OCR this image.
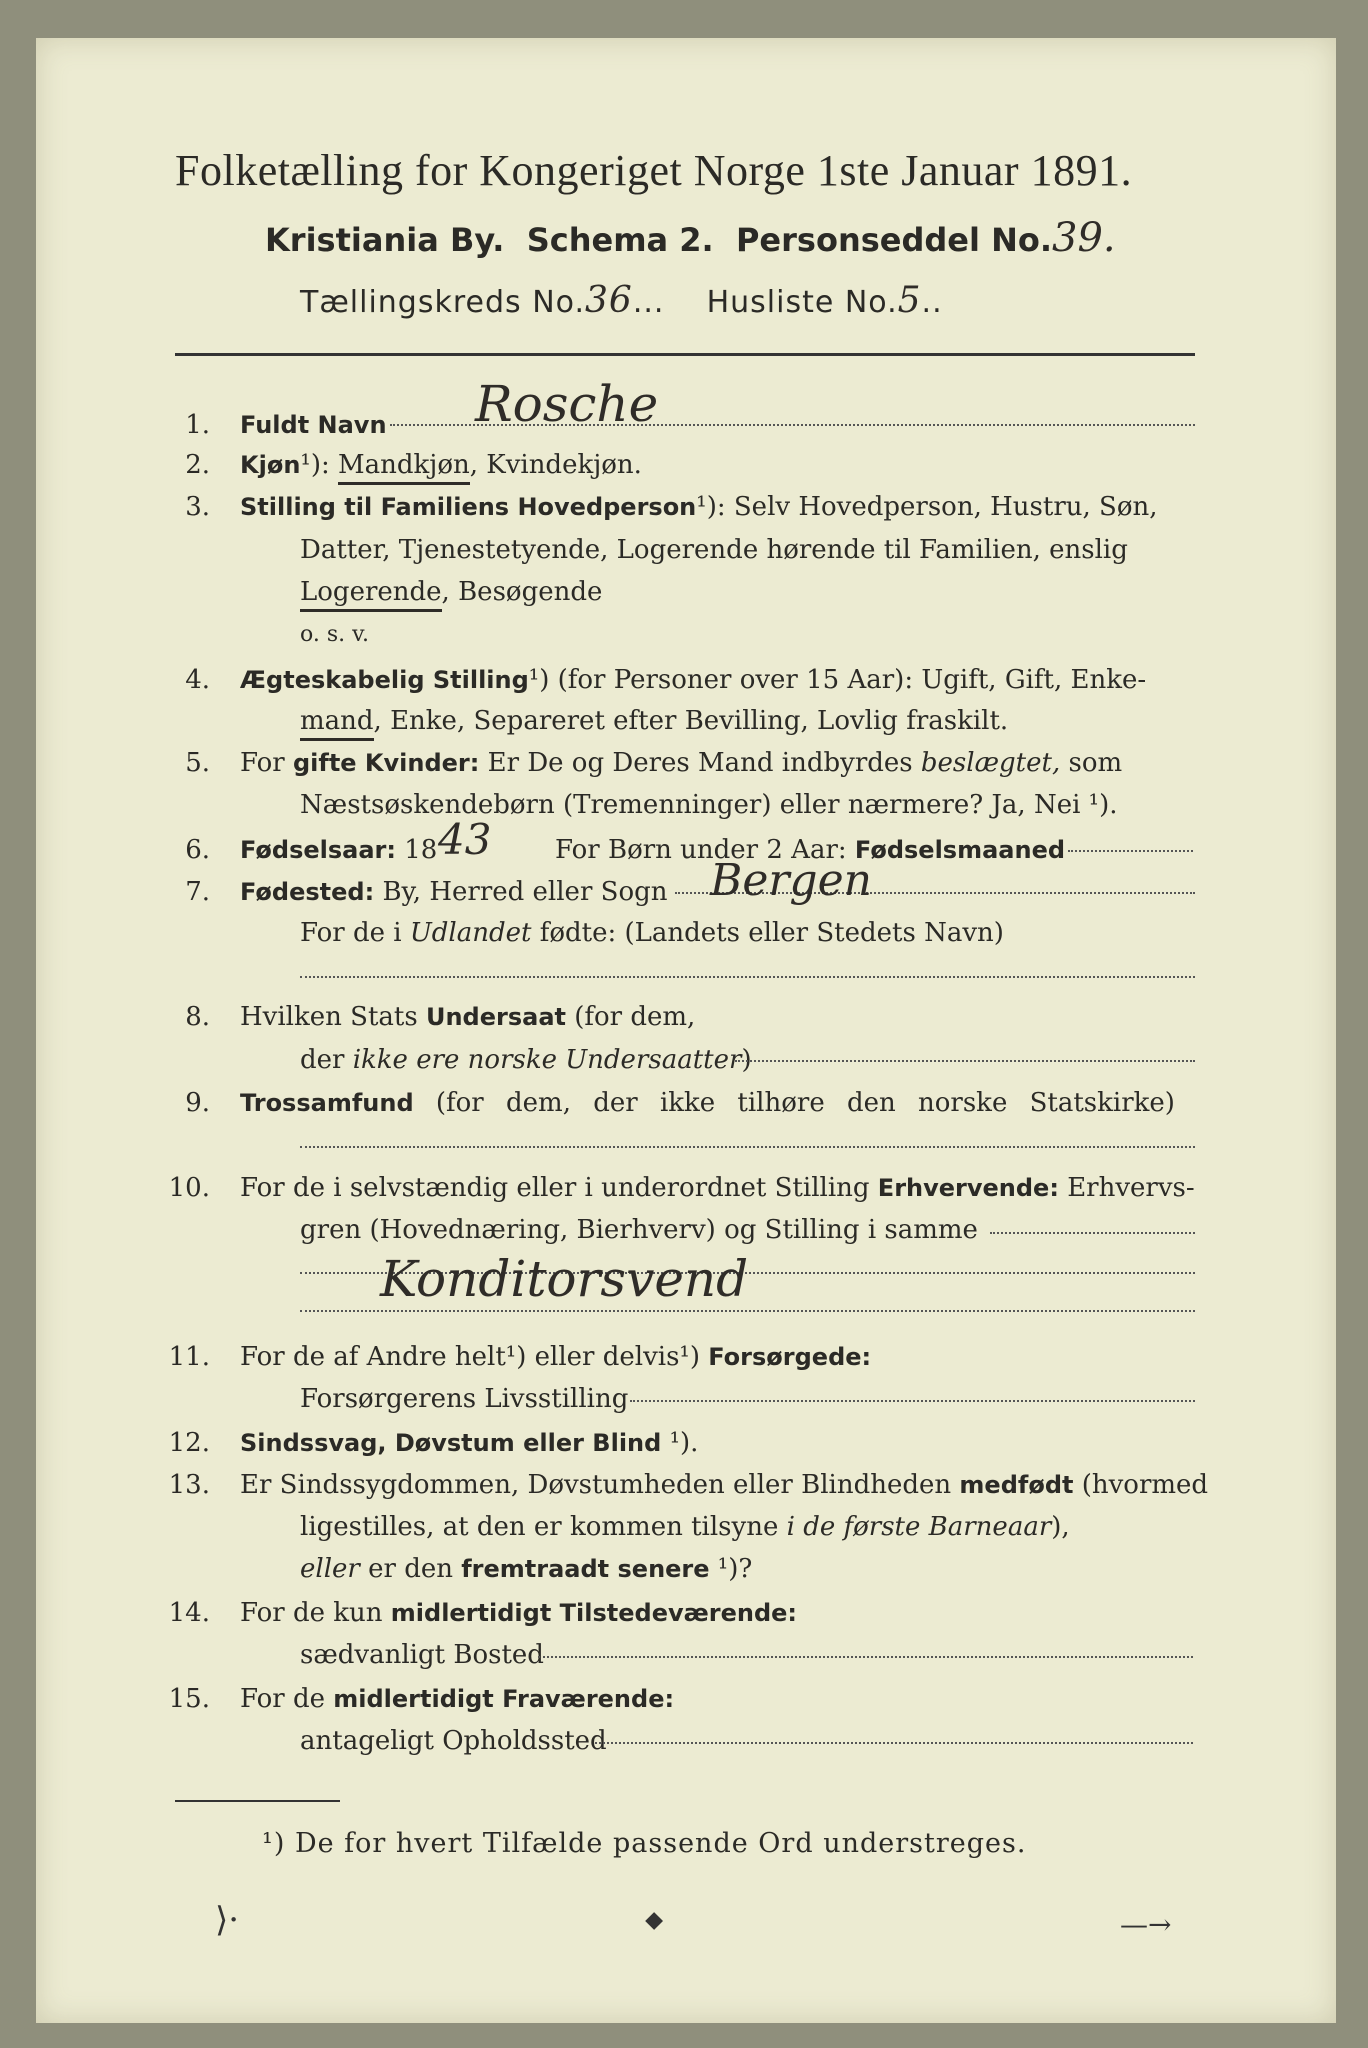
Folketælling for Kongeriget Norge 1ste Januar 1891.
Kristiania By. Schema 2. Personseddel No.39.
Tællingskreds No.36...    Husliste No.5..
1. Fuldt Navn Rosche
2. Kjøn¹): Mandkjøn, Kvindekjøn.
3. Stilling til Familiens Hovedperson¹): Selv Hovedperson, Hustru, Søn,
Datter, Tjenestetyende, Logerende hørende til Familien, enslig
Logerende, Besøgende
o. s. v.
4. Ægteskabelig Stilling¹) (for Personer over 15 Aar): Ugift, Gift, Enke-
mand, Enke, Separeret efter Bevilling, Lovlig fraskilt.
5. For gifte Kvinder: Er De og Deres Mand indbyrdes beslægtet, som
Næstsøskendebørn (Tremenninger) eller nærmere? Ja, Nei ¹).
6. Fødselsaar: 18 43 For Børn under 2 Aar: Fødselsmaaned
7. Fødested: By, Herred eller Sogn Bergen
For de i Udlandet fødte: (Landets eller Stedets Navn)
8. Hvilken Stats Undersaat (for dem,
der ikke ere norske Undersaatter)
9. Trossamfund (for dem, der ikke tilhøre den norske Statskirke)
10. For de i selvstændig eller i underordnet Stilling Erhvervende: Erhvervs-
gren (Hovednæring, Bierhverv) og Stilling i samme
Konditorsvend
11. For de af Andre helt¹) eller delvis¹) Forsørgede:
Forsørgerens Livsstilling
12. Sindssvag, Døvstum eller Blind ¹).
13. Er Sindssygdommen, Døvstumheden eller Blindheden medfødt (hvormed
ligestilles, at den er kommen tilsyne i de første Barneaar),
eller er den fremtraadt senere ¹)?
14. For de kun midlertidigt Tilstedeværende:
sædvanligt Bosted
15. For de midlertidigt Fraværende:
antageligt Opholdssted
¹) De for hvert Tilfælde passende Ord understreges.
⟩·	⬥	—→
